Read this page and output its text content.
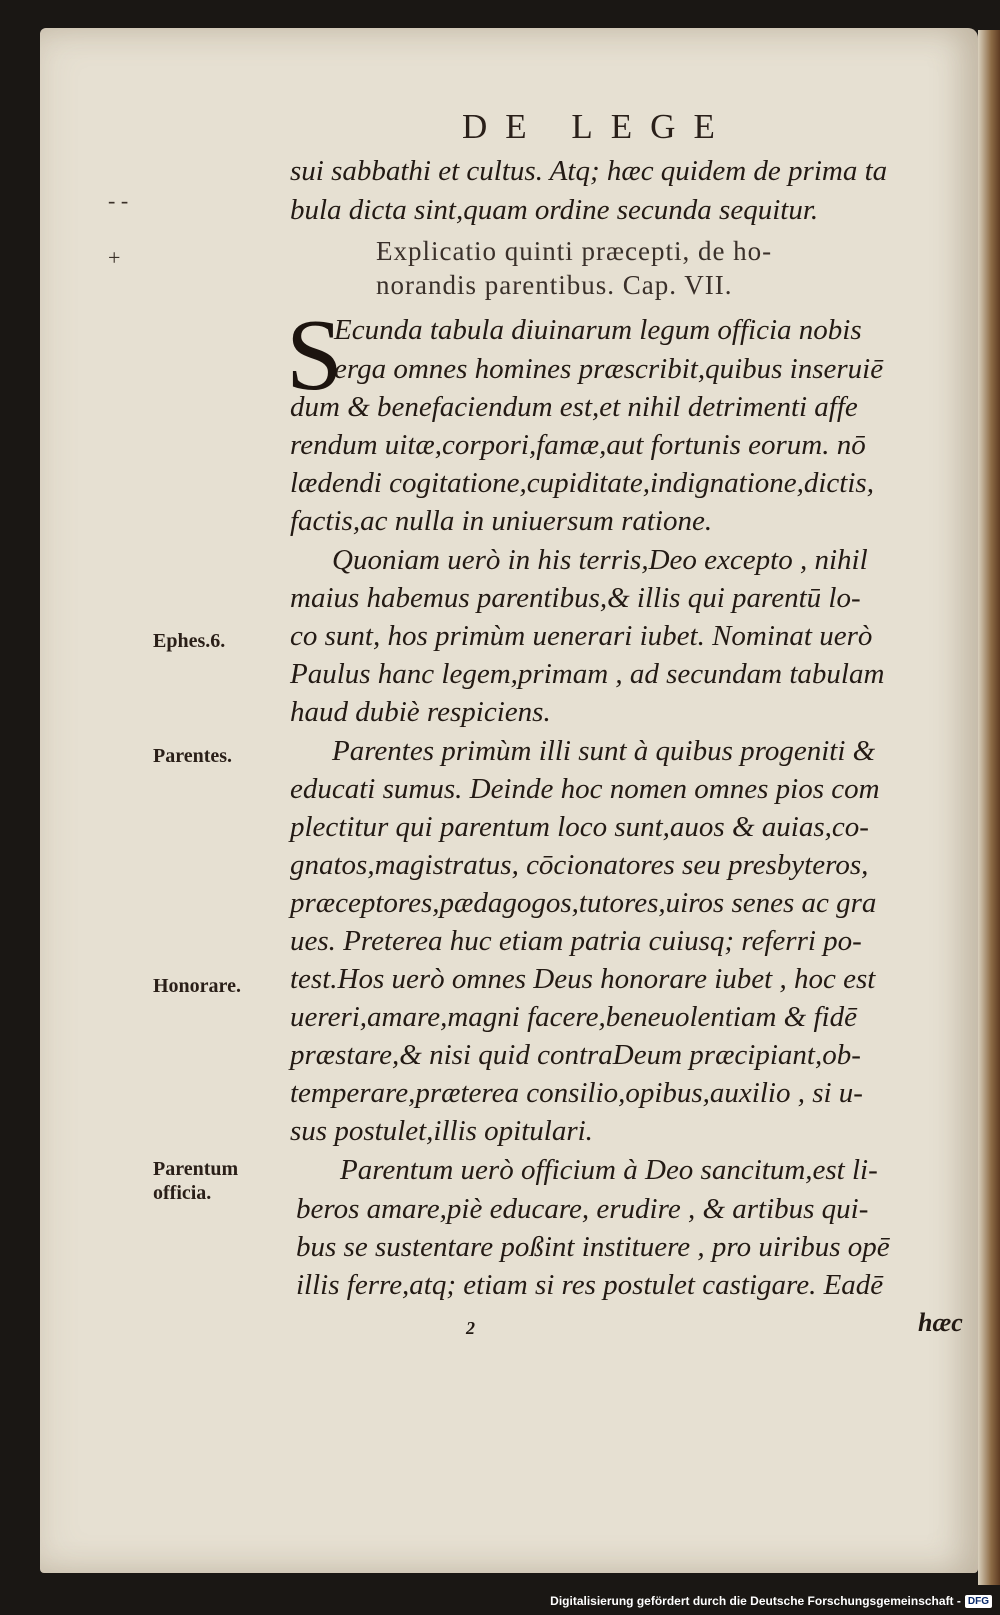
DE LEGE
- -
+
sui sabbathi et cultus. Atq; hæc quidem de prima ta
bula dicta sint,quam ordine secunda sequitur.
Explicatio quinti præcepti, de ho-
norandis parentibus. Cap. VII.
Ecunda tabula diuinarum legum officia nobis
erga omnes homines præscribit,quibus inseruiē
dum & benefaciendum est,et nihil detrimenti affe
rendum uitæ,corpori,famæ,aut fortunis eorum. nō
lædendi cogitatione,cupiditate,indignatione,dictis,
factis,ac nulla in uniuersum ratione.
Quoniam uerò in his terris,Deo excepto , nihil
maius habemus parentibus,& illis qui parentū lo-
co sunt, hos primùm uenerari iubet. Nominat uerò
Paulus hanc legem,primam , ad secundam tabulam
haud dubiè respiciens.
Parentes primùm illi sunt à quibus progeniti &
educati sumus. Deinde hoc nomen omnes pios com
plectitur qui parentum loco sunt,auos & auias,co-
gnatos,magistratus, cōcionatores seu presbyteros,
præceptores,pædagogos,tutores,uiros senes ac gra
ues. Preterea huc etiam patria cuiusq; referri po-
test.Hos uerò omnes Deus honorare iubet , hoc est
uereri,amare,magni facere,beneuolentiam & fidē
præstare,& nisi quid contraDeum præcipiant,ob-
temperare,præterea consilio,opibus,auxilio , si u-
sus postulet,illis opitulari.
Parentum uerò officium à Deo sancitum,est li-
beros amare,piè educare, erudire , & artibus qui-
bus se sustentare poßint instituere , pro uiribus opē
illis ferre,atq; etiam si res postulet castigare. Eadē
S
Ephes.6.
Parentes.
Honorare.
Parentum
officia.
hæc
2
Digitalisierung gefördert durch die Deutsche Forschungsgemeinschaft - DFG
